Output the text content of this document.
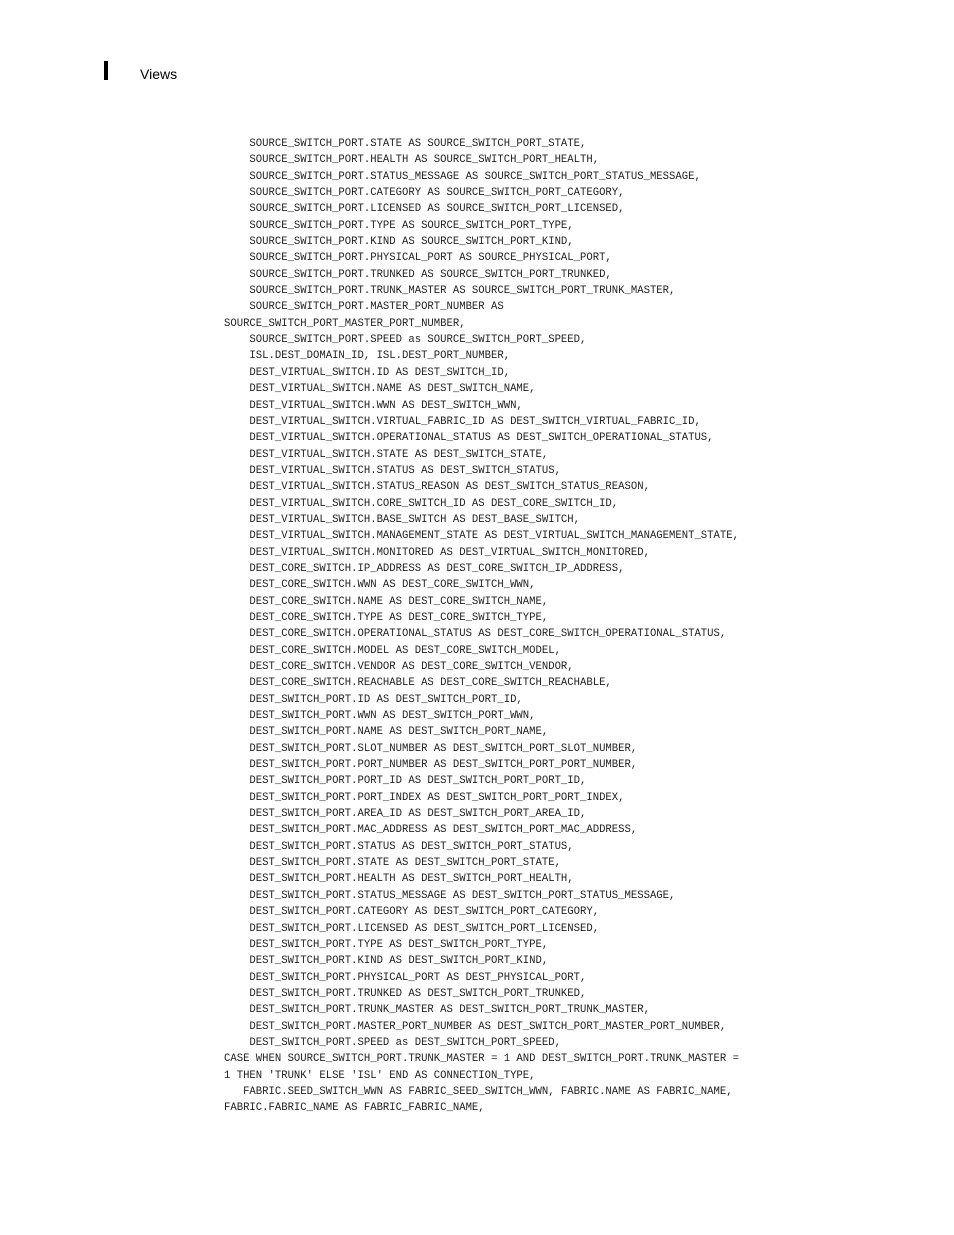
Views
SOURCE_SWITCH_PORT.STATE AS SOURCE_SWITCH_PORT_STATE,
SOURCE_SWITCH_PORT.HEALTH AS SOURCE_SWITCH_PORT_HEALTH,
SOURCE_SWITCH_PORT.STATUS_MESSAGE AS SOURCE_SWITCH_PORT_STATUS_MESSAGE,
SOURCE_SWITCH_PORT.CATEGORY AS SOURCE_SWITCH_PORT_CATEGORY,
SOURCE_SWITCH_PORT.LICENSED AS SOURCE_SWITCH_PORT_LICENSED,
SOURCE_SWITCH_PORT.TYPE AS SOURCE_SWITCH_PORT_TYPE,
SOURCE_SWITCH_PORT.KIND AS SOURCE_SWITCH_PORT_KIND,
SOURCE_SWITCH_PORT.PHYSICAL_PORT AS SOURCE_PHYSICAL_PORT,
SOURCE_SWITCH_PORT.TRUNKED AS SOURCE_SWITCH_PORT_TRUNKED,
SOURCE_SWITCH_PORT.TRUNK_MASTER AS SOURCE_SWITCH_PORT_TRUNK_MASTER,
SOURCE_SWITCH_PORT.MASTER_PORT_NUMBER AS
SOURCE_SWITCH_PORT_MASTER_PORT_NUMBER,
SOURCE_SWITCH_PORT.SPEED as SOURCE_SWITCH_PORT_SPEED,
ISL.DEST_DOMAIN_ID, ISL.DEST_PORT_NUMBER,
DEST_VIRTUAL_SWITCH.ID AS DEST_SWITCH_ID,
DEST_VIRTUAL_SWITCH.NAME AS DEST_SWITCH_NAME,
DEST_VIRTUAL_SWITCH.WWN AS DEST_SWITCH_WWN,
DEST_VIRTUAL_SWITCH.VIRTUAL_FABRIC_ID AS DEST_SWITCH_VIRTUAL_FABRIC_ID,
DEST_VIRTUAL_SWITCH.OPERATIONAL_STATUS AS DEST_SWITCH_OPERATIONAL_STATUS,
DEST_VIRTUAL_SWITCH.STATE AS DEST_SWITCH_STATE,
DEST_VIRTUAL_SWITCH.STATUS AS DEST_SWITCH_STATUS,
DEST_VIRTUAL_SWITCH.STATUS_REASON AS DEST_SWITCH_STATUS_REASON,
DEST_VIRTUAL_SWITCH.CORE_SWITCH_ID AS DEST_CORE_SWITCH_ID,
DEST_VIRTUAL_SWITCH.BASE_SWITCH AS DEST_BASE_SWITCH,
DEST_VIRTUAL_SWITCH.MANAGEMENT_STATE AS DEST_VIRTUAL_SWITCH_MANAGEMENT_STATE,
DEST_VIRTUAL_SWITCH.MONITORED AS DEST_VIRTUAL_SWITCH_MONITORED,
DEST_CORE_SWITCH.IP_ADDRESS AS DEST_CORE_SWITCH_IP_ADDRESS,
DEST_CORE_SWITCH.WWN AS DEST_CORE_SWITCH_WWN,
DEST_CORE_SWITCH.NAME AS DEST_CORE_SWITCH_NAME,
DEST_CORE_SWITCH.TYPE AS DEST_CORE_SWITCH_TYPE,
DEST_CORE_SWITCH.OPERATIONAL_STATUS AS DEST_CORE_SWITCH_OPERATIONAL_STATUS,
DEST_CORE_SWITCH.MODEL AS DEST_CORE_SWITCH_MODEL,
DEST_CORE_SWITCH.VENDOR AS DEST_CORE_SWITCH_VENDOR,
DEST_CORE_SWITCH.REACHABLE AS DEST_CORE_SWITCH_REACHABLE,
DEST_SWITCH_PORT.ID AS DEST_SWITCH_PORT_ID,
DEST_SWITCH_PORT.WWN AS DEST_SWITCH_PORT_WWN,
DEST_SWITCH_PORT.NAME AS DEST_SWITCH_PORT_NAME,
DEST_SWITCH_PORT.SLOT_NUMBER AS DEST_SWITCH_PORT_SLOT_NUMBER,
DEST_SWITCH_PORT.PORT_NUMBER AS DEST_SWITCH_PORT_PORT_NUMBER,
DEST_SWITCH_PORT.PORT_ID AS DEST_SWITCH_PORT_PORT_ID,
DEST_SWITCH_PORT.PORT_INDEX AS DEST_SWITCH_PORT_PORT_INDEX,
DEST_SWITCH_PORT.AREA_ID AS DEST_SWITCH_PORT_AREA_ID,
DEST_SWITCH_PORT.MAC_ADDRESS AS DEST_SWITCH_PORT_MAC_ADDRESS,
DEST_SWITCH_PORT.STATUS AS DEST_SWITCH_PORT_STATUS,
DEST_SWITCH_PORT.STATE AS DEST_SWITCH_PORT_STATE,
DEST_SWITCH_PORT.HEALTH AS DEST_SWITCH_PORT_HEALTH,
DEST_SWITCH_PORT.STATUS_MESSAGE AS DEST_SWITCH_PORT_STATUS_MESSAGE,
DEST_SWITCH_PORT.CATEGORY AS DEST_SWITCH_PORT_CATEGORY,
DEST_SWITCH_PORT.LICENSED AS DEST_SWITCH_PORT_LICENSED,
DEST_SWITCH_PORT.TYPE AS DEST_SWITCH_PORT_TYPE,
DEST_SWITCH_PORT.KIND AS DEST_SWITCH_PORT_KIND,
DEST_SWITCH_PORT.PHYSICAL_PORT AS DEST_PHYSICAL_PORT,
DEST_SWITCH_PORT.TRUNKED AS DEST_SWITCH_PORT_TRUNKED,
DEST_SWITCH_PORT.TRUNK_MASTER AS DEST_SWITCH_PORT_TRUNK_MASTER,
DEST_SWITCH_PORT.MASTER_PORT_NUMBER AS DEST_SWITCH_PORT_MASTER_PORT_NUMBER,
DEST_SWITCH_PORT.SPEED as DEST_SWITCH_PORT_SPEED,
CASE WHEN SOURCE_SWITCH_PORT.TRUNK_MASTER = 1 AND DEST_SWITCH_PORT.TRUNK_MASTER =
1 THEN 'TRUNK' ELSE 'ISL' END AS CONNECTION_TYPE,
FABRIC.SEED_SWITCH_WWN AS FABRIC_SEED_SWITCH_WWN, FABRIC.NAME AS FABRIC_NAME,
FABRIC.FABRIC_NAME AS FABRIC_FABRIC_NAME,
